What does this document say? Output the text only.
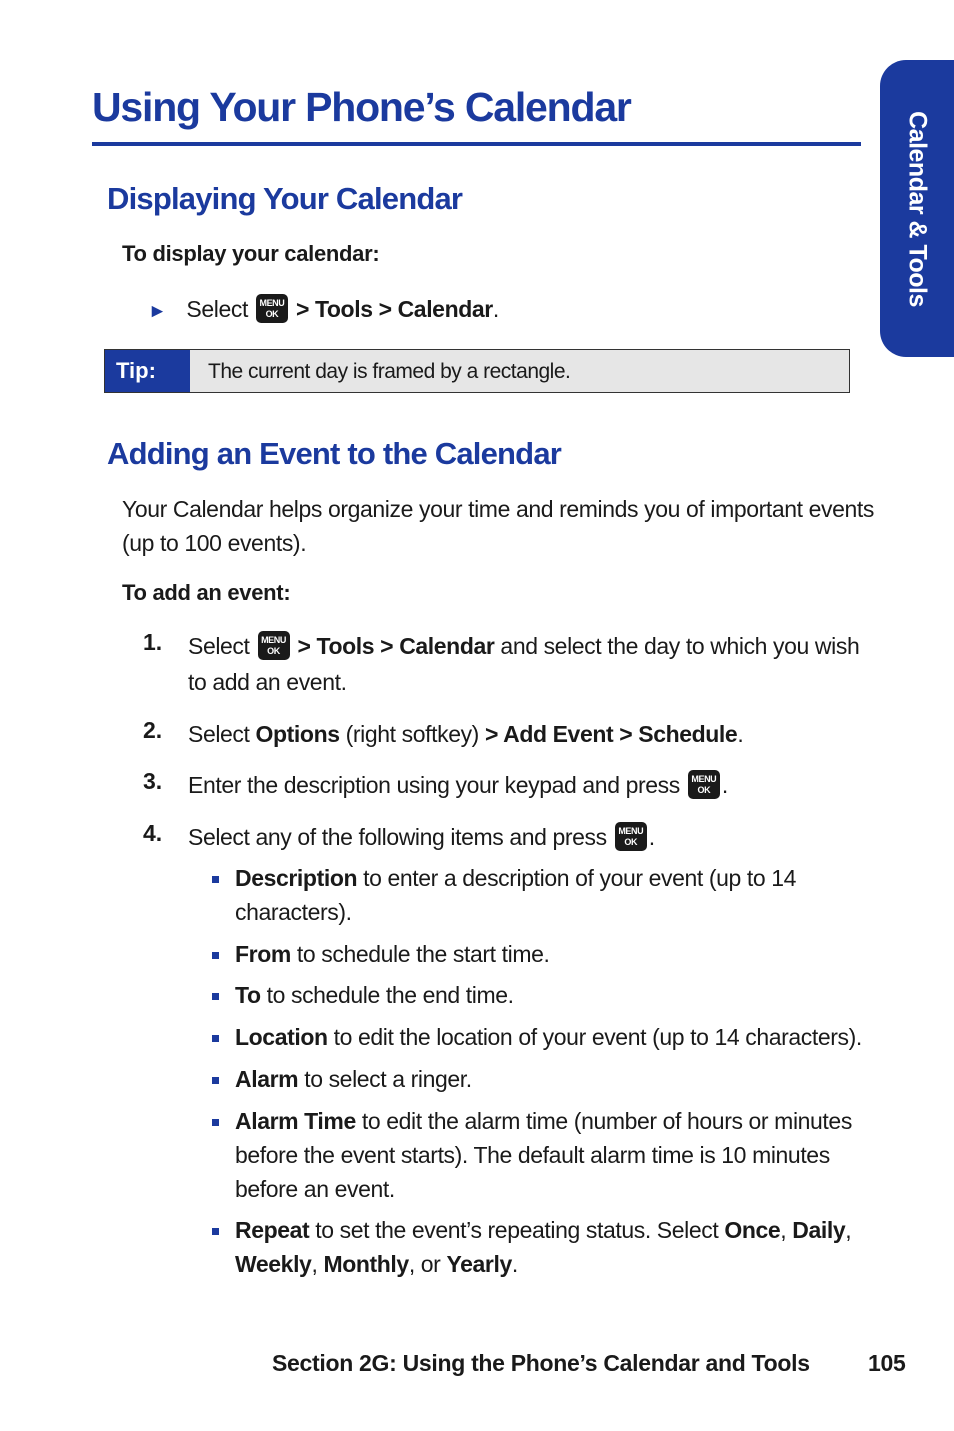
Using Your Phone’s Calendar
Calendar & Tools
Displaying Your Calendar
To display your calendar:
► Select	MENU
OK > Tools > Calendar.
Tip:	The current day is framed by a rectangle.
Adding an Event to the Calendar
Your Calendar helps organize your time and reminds you of important events
(up to 100 events).
To add an event:
1. Select	MENU
OK > Tools > Calendar and select the day to which you wish
to add an event.
2. Select Options (right softkey) > Add Event > Schedule.
3. Enter the description using your keypad and press	MENU
OK .
4. Select any of the following items and press	MENU
OK .
Description to enter a description of your event (up to 14
characters).
From to schedule the start time.
To to schedule the end time.
Location to edit the location of your event (up to 14 characters).
Alarm to select a ringer.
Alarm Time to edit the alarm time (number of hours or minutes
before the event starts). The default alarm time is 10 minutes
before an event.
Repeat to set the event’s repeating status. Select Once, Daily,
Weekly, Monthly, or Yearly.
Section 2G: Using the Phone’s Calendar and Tools	105
